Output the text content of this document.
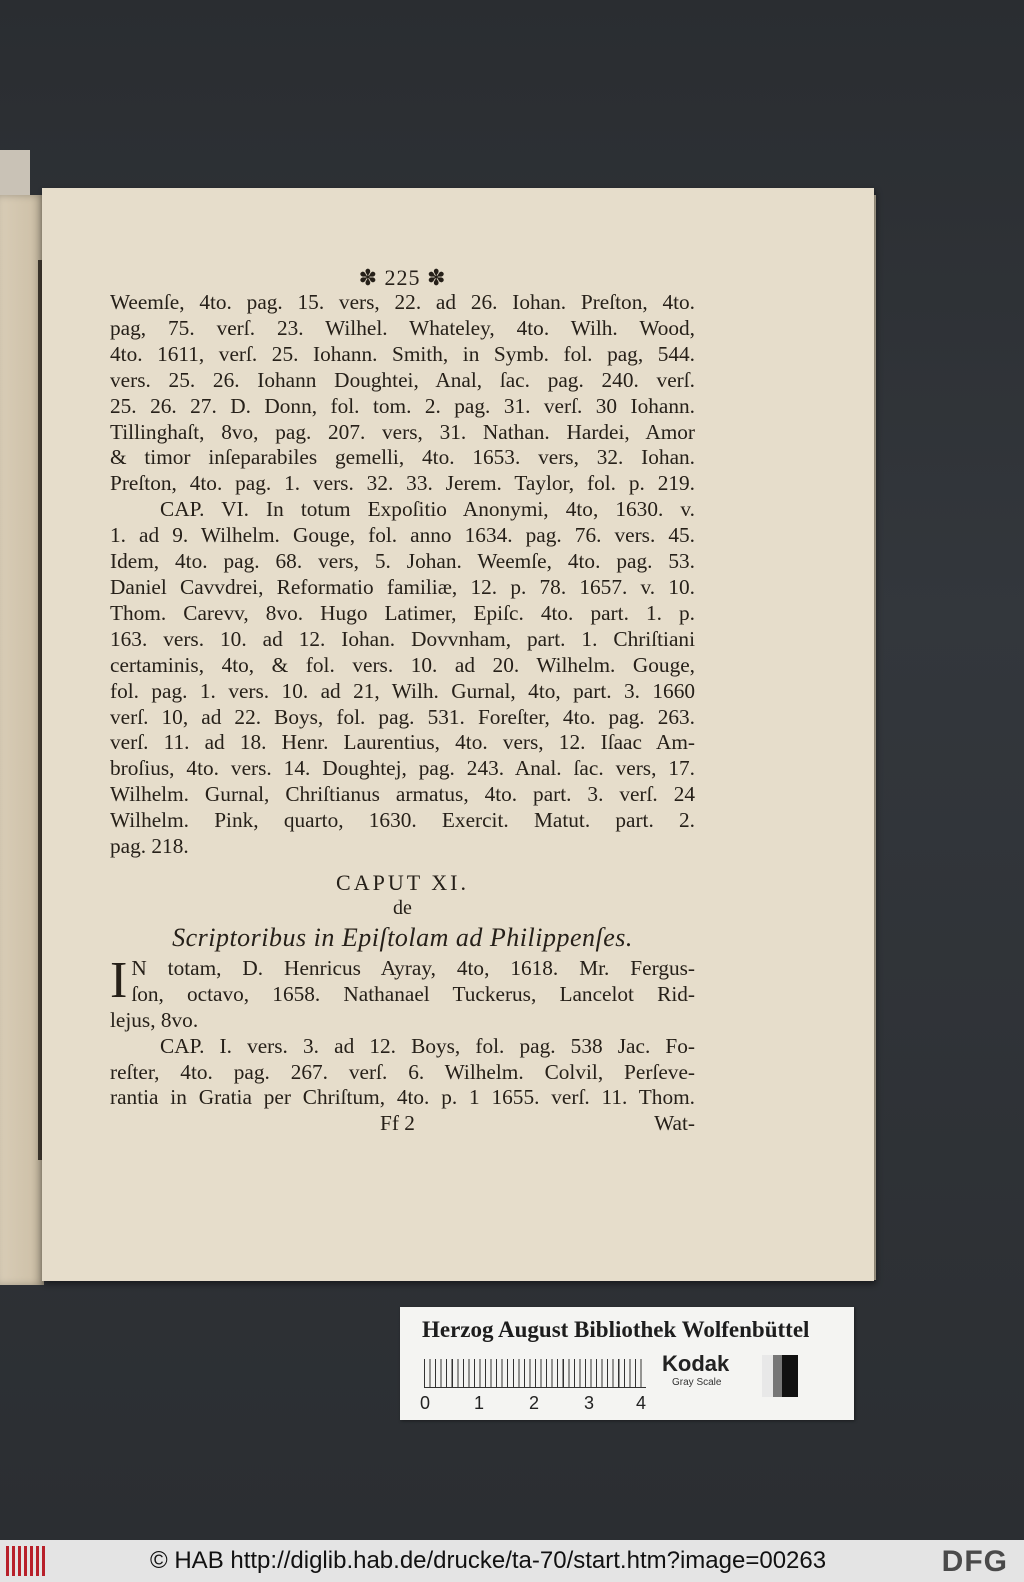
✽ 225 ✽
Weemſe, 4to. pag. 15. vers, 22. ad 26. Iohan. Preſton, 4to.
pag, 75. verſ. 23. Wilhel. Whateley, 4to. Wilh. Wood,
4to. 1611, verſ. 25. Iohann. Smith, in Symb. fol. pag, 544.
vers. 25. 26. Iohann Doughtei, Anal, ſac. pag. 240. verſ.
25. 26. 27. D. Donn, fol. tom. 2. pag. 31. verſ. 30 Iohann.
Tillinghaſt, 8vo, pag. 207. vers, 31. Nathan. Hardei, Amor
& timor inſeparabiles gemelli, 4to. 1653. vers, 32. Iohan.
Preſton, 4to. pag. 1. vers. 32. 33. Jerem. Taylor, fol. p. 219.
CAP. VI. In totum Expoſitio Anonymi, 4to, 1630. v.
1. ad 9. Wilhelm. Gouge, fol. anno 1634. pag. 76. vers. 45.
Idem, 4to. pag. 68. vers, 5. Johan. Weemſe, 4to. pag. 53.
Daniel Cavvdrei, Reformatio familiæ, 12. p. 78. 1657. v. 10.
Thom. Carevv, 8vo. Hugo Latimer, Epiſc. 4to. part. 1. p.
163. vers. 10. ad 12. Iohan. Dovvnham, part. 1. Chriſtiani
certaminis, 4to, & fol. vers. 10. ad 20. Wilhelm. Gouge,
fol. pag. 1. vers. 10. ad 21, Wilh. Gurnal, 4to, part. 3. 1660
verſ. 10, ad 22. Boys, fol. pag. 531. Foreſter, 4to. pag. 263.
verſ. 11. ad 18. Henr. Laurentius, 4to. vers, 12. Iſaac Am-
broſius, 4to. vers. 14. Doughtej, pag. 243. Anal. ſac. vers, 17.
Wilhelm. Gurnal, Chriſtianus armatus, 4to. part. 3. verſ. 24
Wilhelm. Pink, quarto, 1630. Exercit. Matut. part. 2.
pag. 218.
CAPUT XI.
de
Scriptoribus in Epiſtolam ad Philippenſes.
I N totam, D. Henricus Ayray, 4to, 1618. Mr. Fergus-
ſon, octavo, 1658. Nathanael Tuckerus, Lancelot Rid-
lejus, 8vo.
CAP. I. vers. 3. ad 12. Boys, fol. pag. 538 Jac. Fo-
reſter, 4to. pag. 267. verſ. 6. Wilhelm. Colvil, Perſeve-
rantia in Gratia per Chriſtum, 4to. p. 1 1655. verſ. 11. Thom.
Ff 2	Wat-
Herzog August Bibliothek Wolfenbüttel
0 1 2 3 4
Kodak
Gray Scale
© HAB http://diglib.hab.de/drucke/ta-70/start.htm?image=00263	DFG
